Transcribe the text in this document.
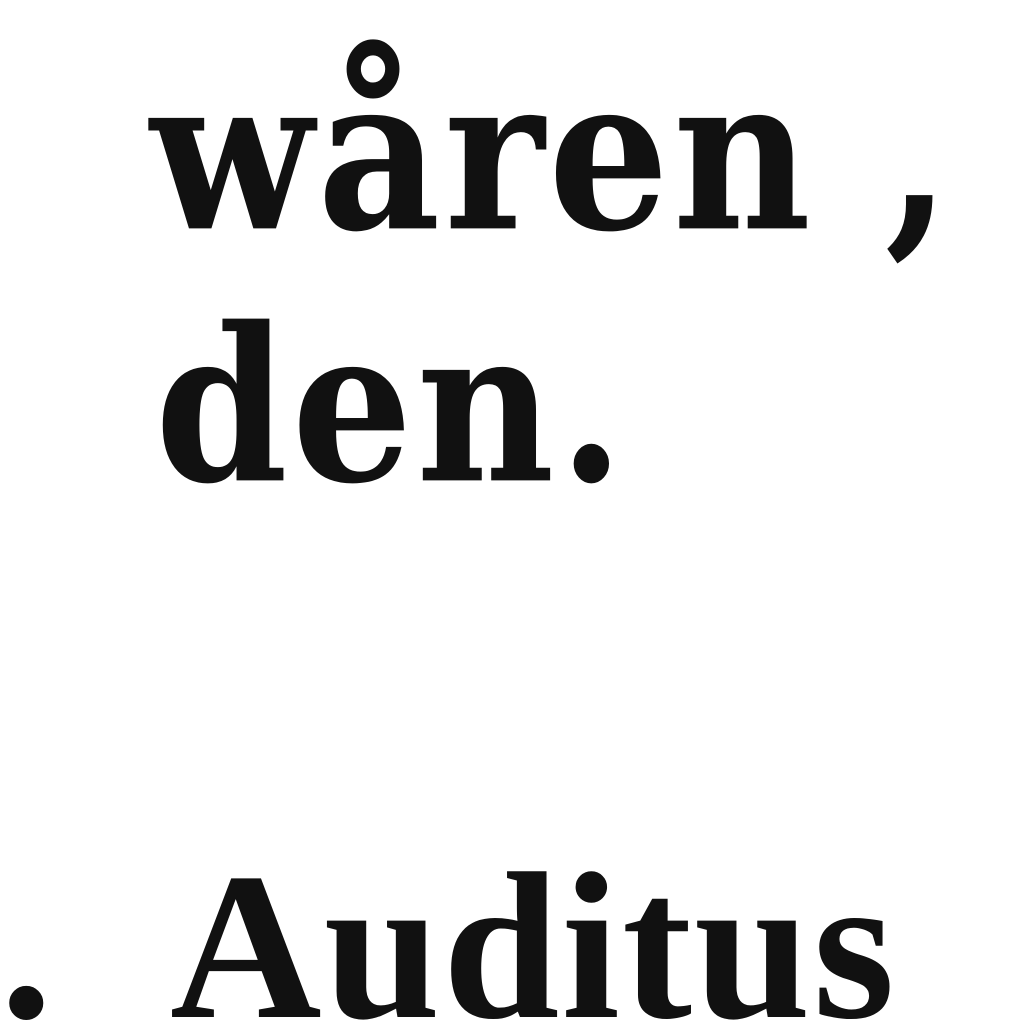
wåren ,

den.

. Auditus
